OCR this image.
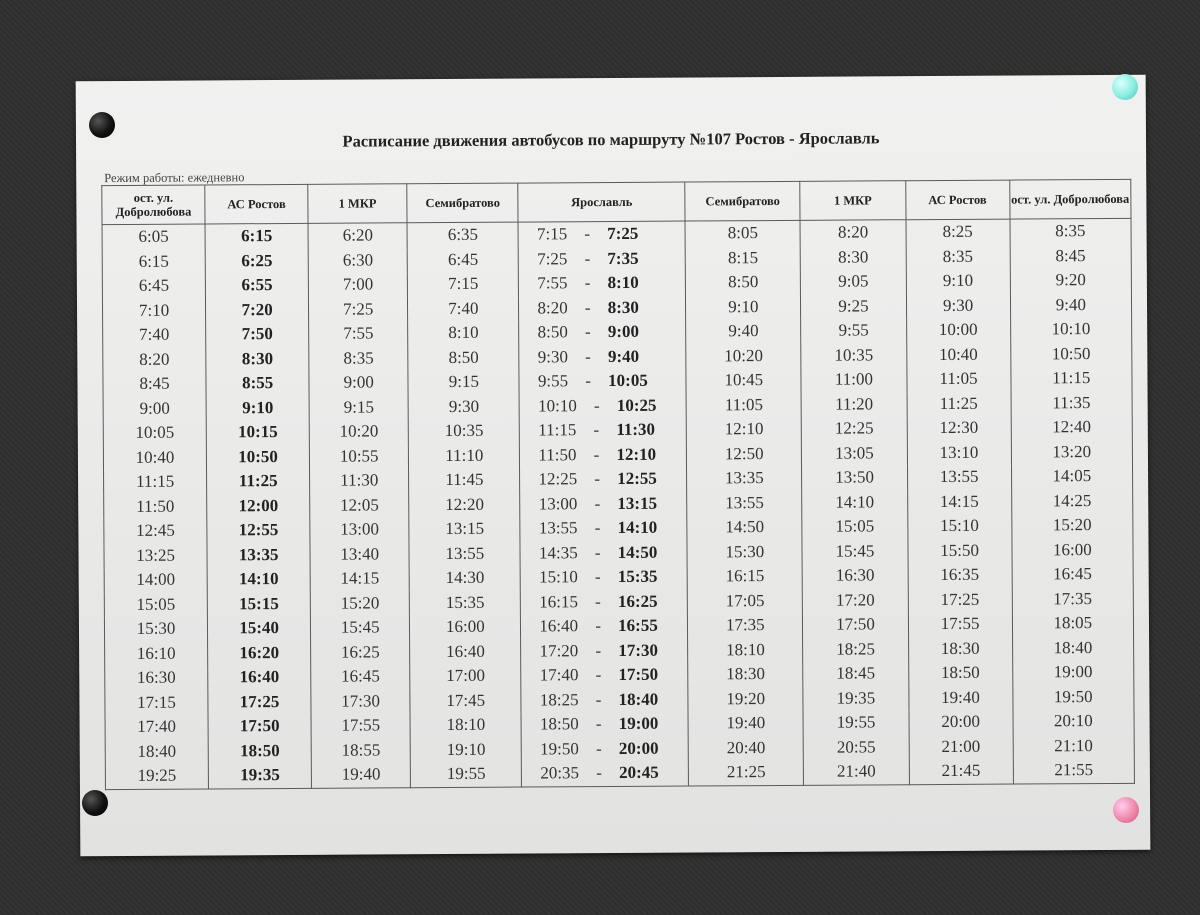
Расписание движения автобусов по маршруту №107 Ростов - Ярославль
Режим работы: ежедневно
ост. ул. Добролюбова	АС Ростов	1 МКР	Семибратово	Ярославль	Семибратово	1 МКР	АС Ростов	ост. ул. Добролюбова
6:05	6:15	6:20	6:35	7:15 - 7:25	8:05	8:20	8:25	8:35
6:15	6:25	6:30	6:45	7:25 - 7:35	8:15	8:30	8:35	8:45
6:45	6:55	7:00	7:15	7:55 - 8:10	8:50	9:05	9:10	9:20
7:10	7:20	7:25	7:40	8:20 - 8:30	9:10	9:25	9:30	9:40
7:40	7:50	7:55	8:10	8:50 - 9:00	9:40	9:55	10:00	10:10
8:20	8:30	8:35	8:50	9:30 - 9:40	10:20	10:35	10:40	10:50
8:45	8:55	9:00	9:15	9:55 - 10:05	10:45	11:00	11:05	11:15
9:00	9:10	9:15	9:30	10:10 - 10:25	11:05	11:20	11:25	11:35
10:05	10:15	10:20	10:35	11:15 - 11:30	12:10	12:25	12:30	12:40
10:40	10:50	10:55	11:10	11:50 - 12:10	12:50	13:05	13:10	13:20
11:15	11:25	11:30	11:45	12:25 - 12:55	13:35	13:50	13:55	14:05
11:50	12:00	12:05	12:20	13:00 - 13:15	13:55	14:10	14:15	14:25
12:45	12:55	13:00	13:15	13:55 - 14:10	14:50	15:05	15:10	15:20
13:25	13:35	13:40	13:55	14:35 - 14:50	15:30	15:45	15:50	16:00
14:00	14:10	14:15	14:30	15:10 - 15:35	16:15	16:30	16:35	16:45
15:05	15:15	15:20	15:35	16:15 - 16:25	17:05	17:20	17:25	17:35
15:30	15:40	15:45	16:00	16:40 - 16:55	17:35	17:50	17:55	18:05
16:10	16:20	16:25	16:40	17:20 - 17:30	18:10	18:25	18:30	18:40
16:30	16:40	16:45	17:00	17:40 - 17:50	18:30	18:45	18:50	19:00
17:15	17:25	17:30	17:45	18:25 - 18:40	19:20	19:35	19:40	19:50
17:40	17:50	17:55	18:10	18:50 - 19:00	19:40	19:55	20:00	20:10
18:40	18:50	18:55	19:10	19:50 - 20:00	20:40	20:55	21:00	21:10
19:25	19:35	19:40	19:55	20:35 - 20:45	21:25	21:40	21:45	21:55
